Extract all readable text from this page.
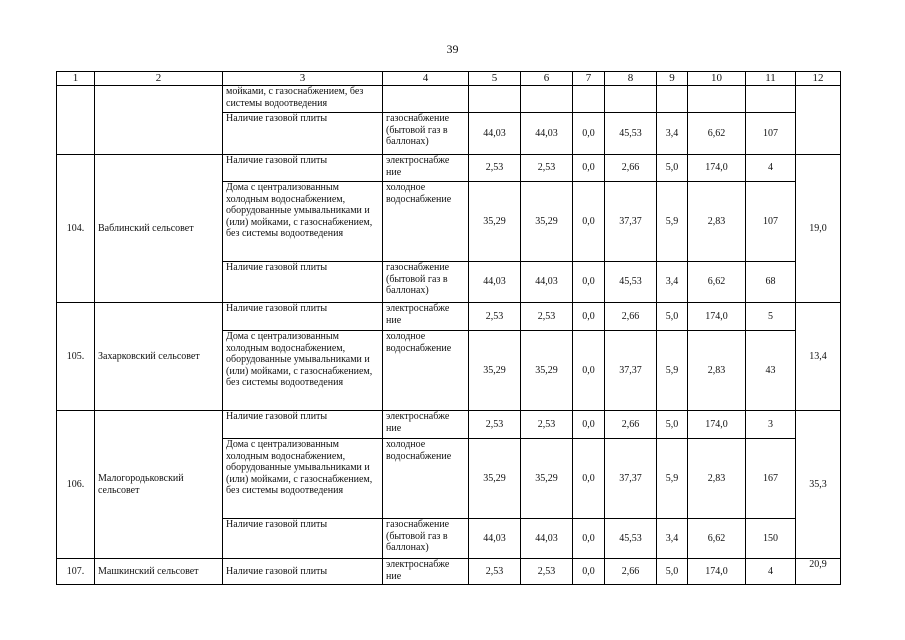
39
1	2	3	4	5	6	7	8	9	10	11	12
		мойками, с газоснабжением, без системы водоотведения									
		Наличие газовой плиты	газоснабжение (бытовой газ в баллонах)	44,03	44,03	0,0	45,53	3,4	6,62	107	
104.	Ваблинский сельсовет	Наличие газовой плиты	электроснабже ние	2,53	2,53	0,0	2,66	5,0	174,0	4	19,0
		Дома с централизованным холодным водоснабжением, оборудованные умывальниками и (или) мойками, с газоснабжением, без системы водоотведения	холодное водоснабжение	35,29	35,29	0,0	37,37	5,9	2,83	107	
		Наличие газовой плиты	газоснабжение (бытовой газ в баллонах)	44,03	44,03	0,0	45,53	3,4	6,62	68	
105.	Захарковский сельсовет	Наличие газовой плиты	электроснабже ние	2,53	2,53	0,0	2,66	5,0	174,0	5	13,4
		Дома с централизованным холодным водоснабжением, оборудованные умывальниками и (или) мойками, с газоснабжением, без системы водоотведения	холодное водоснабжение	35,29	35,29	0,0	37,37	5,9	2,83	43	
106.	Малогородьковский сельсовет	Наличие газовой плиты	электроснабже ние	2,53	2,53	0,0	2,66	5,0	174,0	3	35,3
		Дома с централизованным холодным водоснабжением, оборудованные умывальниками и (или) мойками, с газоснабжением, без системы водоотведения	холодное водоснабжение	35,29	35,29	0,0	37,37	5,9	2,83	167	
		Наличие газовой плиты	газоснабжение (бытовой газ в баллонах)	44,03	44,03	0,0	45,53	3,4	6,62	150	
107.	Машкинский сельсовет	Наличие газовой плиты	электроснабже ние	2,53	2,53	0,0	2,66	5,0	174,0	4	20,9
